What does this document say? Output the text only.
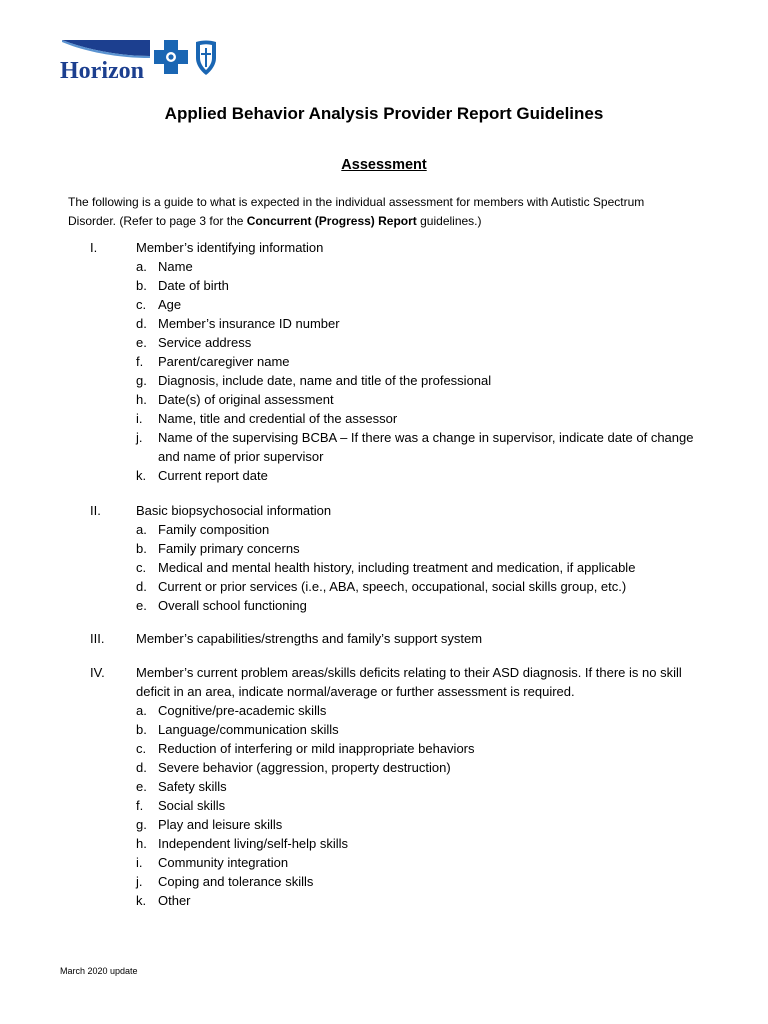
Horizon
Applied Behavior Analysis Provider Report Guidelines
Assessment
The following is a guide to what is expected in the individual assessment for members with Autistic Spectrum
Disorder. (Refer to page 3 for the Concurrent (Progress) Report guidelines.)
I.	Member’s identifying information
a. Name
b. Date of birth
c. Age
d. Member’s insurance ID number
e. Service address
f. Parent/caregiver name
g. Diagnosis, include date, name and title of the professional
h. Date(s) of original assessment
i. Name, title and credential of the assessor
j. Name of the supervising BCBA – If there was a change in supervisor, indicate date of change and name of prior supervisor
k. Current report date
II.	Basic biopsychosocial information
a. Family composition
b. Family primary concerns
c. Medical and mental health history, including treatment and medication, if applicable
d. Current or prior services (i.e., ABA, speech, occupational, social skills group, etc.)
e. Overall school functioning
III. Member’s capabilities/strengths and family’s support system
IV. Member’s current problem areas/skills deficits relating to their ASD diagnosis. If there is no skill deficit in an area, indicate normal/average or further assessment is required.
a. Cognitive/pre-academic skills
b. Language/communication skills
c. Reduction of interfering or mild inappropriate behaviors
d. Severe behavior (aggression, property destruction)
e. Safety skills
f. Social skills
g. Play and leisure skills
h. Independent living/self-help skills
i. Community integration
j. Coping and tolerance skills
k. Other
March 2020 update
